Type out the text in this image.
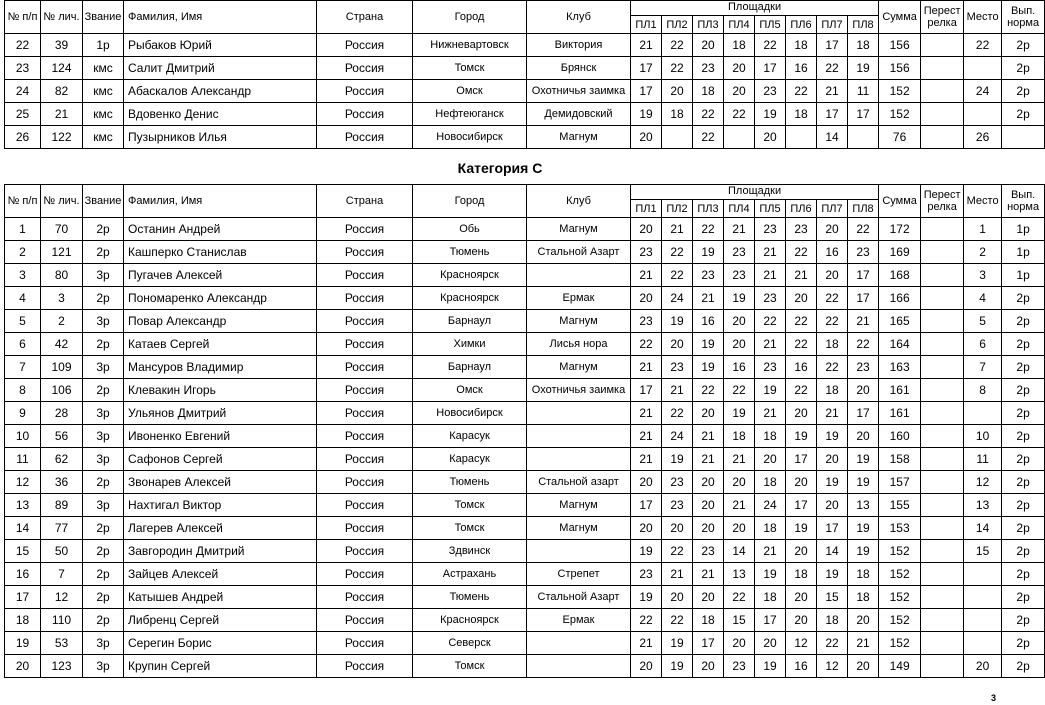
№ п/п	№ лич.	Звание	Фамилия, Имя	Страна	Город	Клуб	Площадки								Сумма	Перест релка	Место	Вып. норма
							ПЛ1	ПЛ2	ПЛ3	ПЛ4	ПЛ5	ПЛ6	ПЛ7	ПЛ8				
22	39	1р	Рыбаков Юрий	Россия	Нижневартовск	Виктория	21	22	20	18	22	18	17	18	156		22	2р
23	124	кмс	Салит Дмитрий	Россия	Томск	Брянск	17	22	23	20	17	16	22	19	156			2р
24	82	кмс	Абаскалов Александр	Россия	Омск	Охотничья заимка	17	20	18	20	23	22	21	11	152		24	2р
25	21	кмс	Вдовенко Денис	Россия	Нефтеюганск	Демидовский	19	18	22	22	19	18	17	17	152			2р
26	122	кмс	Пузырников Илья	Россия	Новосибирск	Магнум	20		22		20		14		76		26	
Категория С
№ п/п	№ лич.	Звание	Фамилия, Имя	Страна	Город	Клуб	Площадки								Сумма	Перест релка	Место	Вып. норма
							ПЛ1	ПЛ2	ПЛ3	ПЛ4	ПЛ5	ПЛ6	ПЛ7	ПЛ8				
1	70	2р	Останин Андрей	Россия	Обь	Магнум	20	21	22	21	23	23	20	22	172		1	1р
2	121	2р	Кашперко Станислав	Россия	Тюмень	Стальной Азарт	23	22	19	23	21	22	16	23	169		2	1р
3	80	3р	Пугачев Алексей	Россия	Красноярск		21	22	23	23	21	21	20	17	168		3	1р
4	3	2р	Пономаренко Александр	Россия	Красноярск	Ермак	20	24	21	19	23	20	22	17	166		4	2р
5	2	3р	Повар Александр	Россия	Барнаул	Магнум	23	19	16	20	22	22	22	21	165		5	2р
6	42	2р	Катаев Сергей	Россия	Химки	Лисья нора	22	20	19	20	21	22	18	22	164		6	2р
7	109	3р	Мансуров Владимир	Россия	Барнаул	Магнум	21	23	19	16	23	16	22	23	163		7	2р
8	106	2р	Клевакин Игорь	Россия	Омск	Охотничья заимка	17	21	22	22	19	22	18	20	161		8	2р
9	28	3р	Ульянов Дмитрий	Россия	Новосибирск		21	22	20	19	21	20	21	17	161			2р
10	56	3р	Ивоненко Евгений	Россия	Карасук		21	24	21	18	18	19	19	20	160		10	2р
11	62	3р	Сафонов Сергей	Россия	Карасук		21	19	21	21	20	17	20	19	158		11	2р
12	36	2р	Звонарев Алексей	Россия	Тюмень	Стальной азарт	20	23	20	20	18	20	19	19	157		12	2р
13	89	3р	Нахтигал Виктор	Россия	Томск	Магнум	17	23	20	21	24	17	20	13	155		13	2р
14	77	2р	Лагерев Алексей	Россия	Томск	Магнум	20	20	20	20	18	19	17	19	153		14	2р
15	50	2р	Завгородин Дмитрий	Россия	Здвинск		19	22	23	14	21	20	14	19	152		15	2р
16	7	2р	Зайцев Алексей	Россия	Астрахань	Стрепет	23	21	21	13	19	18	19	18	152			2р
17	12	2р	Катышев Андрей	Россия	Тюмень	Стальной Азарт	19	20	20	22	18	20	15	18	152			2р
18	110	2р	Либренц Сергей	Россия	Красноярск	Ермак	22	22	18	15	17	20	18	20	152			2р
19	53	3р	Серегин Борис	Россия	Северск		21	19	17	20	20	12	22	21	152			2р
20	123	3р	Крупин Сергей	Россия	Томск		20	19	20	23	19	16	12	20	149		20	2р
3
